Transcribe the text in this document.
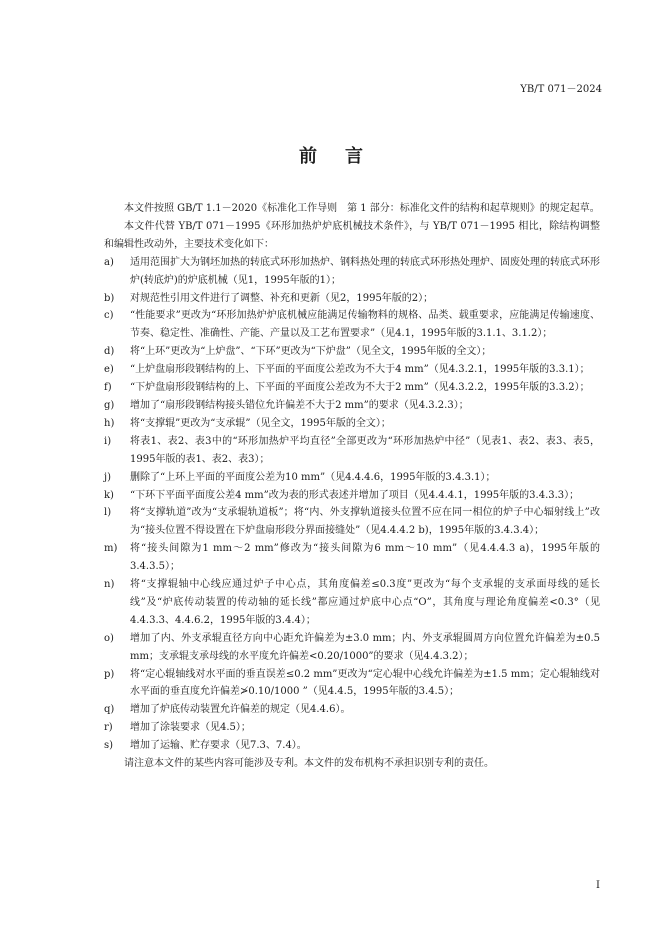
YB/T 071－2024
前言

本文件按照 GB/T 1.1－2020《标准化工作导则　第 1 部分：标准化文件的结构和起草规则》的规定起草。

本文件代替 YB/T 071－1995《环形加热炉炉底机械技术条件》，与 YB/T 071－1995 相比，除结构调整和编辑性改动外，主要技术变化如下：

a)	适用范围扩大为钢坯加热的转底式环形加热炉、钢料热处理的转底式环形热处理炉、固废处理的转底式环形炉(转底炉)的炉底机械（见1，1995年版的1）；
b)	对规范性引用文件进行了调整、补充和更新（见2，1995年版的2）；
c)	“性能要求”更改为“环形加热炉炉底机械应能满足传输物料的规格、品类、载重要求，应能满足传输速度、节奏、稳定性、准确性、产能、产量以及工艺布置要求”（见4.1，1995年版的3.1.1、3.1.2）；
d)	将“上环”更改为“上炉盘”、“下环”更改为“下炉盘”（见全文，1995年版的全文）；
e)	“上炉盘扇形段钢结构的上、下平面的平面度公差改为不大于4 mm”（见4.3.2.1，1995年版的3.3.1）；
f)	“下炉盘扇形段钢结构的上、下平面的平面度公差改为不大于2 mm”（见4.3.2.2，1995年版的3.3.2）；
g)	增加了“扇形段钢结构接头错位允许偏差不大于2 mm”的要求（见4.3.2.3）；
h)	将“支撑辊”更改为“支承辊”（见全文，1995年版的全文）；
i)	将表1、表2、表3中的“环形加热炉平均直径”全部更改为“环形加热炉中径”（见表1、表2、表3、表5，1995年版的表1、表2、表3）；
j)	删除了“上环上平面的平面度公差为10 mm”（见4.4.4.6，1995年版的3.4.3.1）；
k)	“下环下平面平面度公差4 mm”改为表的形式表述并增加了项目（见4.4.4.1，1995年版的3.4.3.3）；
l)	将“支撑轨道”改为“支承辊轨道板”；将“内、外支撑轨道接头位置不应在同一相位的炉子中心辐射线上”改为“接头位置不得设置在下炉盘扇形段分界面接缝处”（见4.4.4.2 b)，1995年版的3.4.3.4）；
m)	将“接头间隙为1 mm～2 mm”修改为“接头间隙为6 mm～10 mm”（见4.4.4.3 a)，1995年版的3.4.3.5）；
n)	将“支撑辊轴中心线应通过炉子中心点，其角度偏差≤0.3度”更改为“每个支承辊的支承面母线的延长线”及“炉底传动装置的传动轴的延长线”都应通过炉底中心点“O”，其角度与理论角度偏差<0.3°（见4.4.3.3、4.4.6.2，1995年版的3.4.4）；
o)	增加了内、外支承辊直径方向中心距允许偏差为±3.0 mm；内、外支承辊圆周方向位置允许偏差为±0.5 mm；支承辊支承母线的水平度允许偏差<0.20/1000”的要求（见4.4.3.2）；
p)	将“定心辊轴线对水平面的垂直误差≤0.2 mm”更改为“定心辊中心线允许偏差为±1.5 mm；定心辊轴线对水平面的垂直度允许偏差≯0.10/1000 ”（见4.4.5，1995年版的3.4.5）；
q)	增加了炉底传动装置允许偏差的规定（见4.4.6）。
r)	增加了涂装要求（见4.5）；
s)	增加了运输、贮存要求（见7.3、7.4）。

请注意本文件的某些内容可能涉及专利。本文件的发布机构不承担识别专利的责任。

I
